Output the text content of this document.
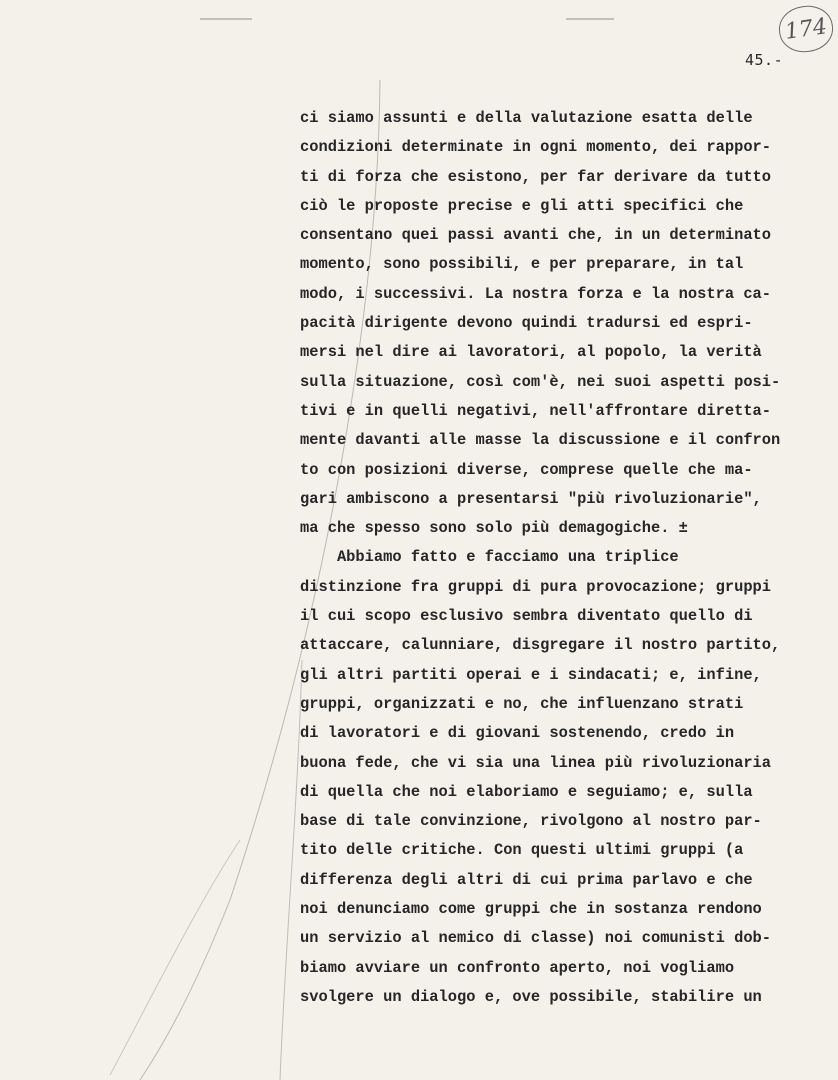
174
45.-
ci siamo assunti e della valutazione esatta delle
condizioni determinate in ogni momento, dei rappor-
ti di forza che esistono, per far derivare da tutto
ciò le proposte precise e gli atti specifici che
consentano quei passi avanti che, in un determinato
momento, sono possibili, e per preparare, in tal
modo, i successivi. La nostra forza e la nostra ca-
pacità dirigente devono quindi tradursi ed espri-
mersi nel dire ai lavoratori, al popolo, la verità
sulla situazione, così com'è, nei suoi aspetti posi-
tivi e in quelli negativi, nell'affrontare diretta-
mente davanti alle masse la discussione e il confron
to con posizioni diverse, comprese quelle che ma-
gari ambiscono a presentarsi "più rivoluzionarie",
ma che spesso sono solo più demagogiche. ±
Abbiamo fatto e facciamo una triplice
distinzione fra gruppi di pura provocazione; gruppi
il cui scopo esclusivo sembra diventato quello di
attaccare, calunniare, disgregare il nostro partito,
gli altri partiti operai e i sindacati; e, infine,
gruppi, organizzati e no, che influenzano strati
di lavoratori e di giovani sostenendo, credo in
buona fede, che vi sia una linea più rivoluzionaria
di quella che noi elaboriamo e seguiamo; e, sulla
base di tale convinzione, rivolgono al nostro par-
tito delle critiche. Con questi ultimi gruppi (a
differenza degli altri di cui prima parlavo e che
noi denunciamo come gruppi che in sostanza rendono
un servizio al nemico di classe) noi comunisti dob-
biamo avviare un confronto aperto, noi vogliamo
svolgere un dialogo e, ove possibile, stabilire un
